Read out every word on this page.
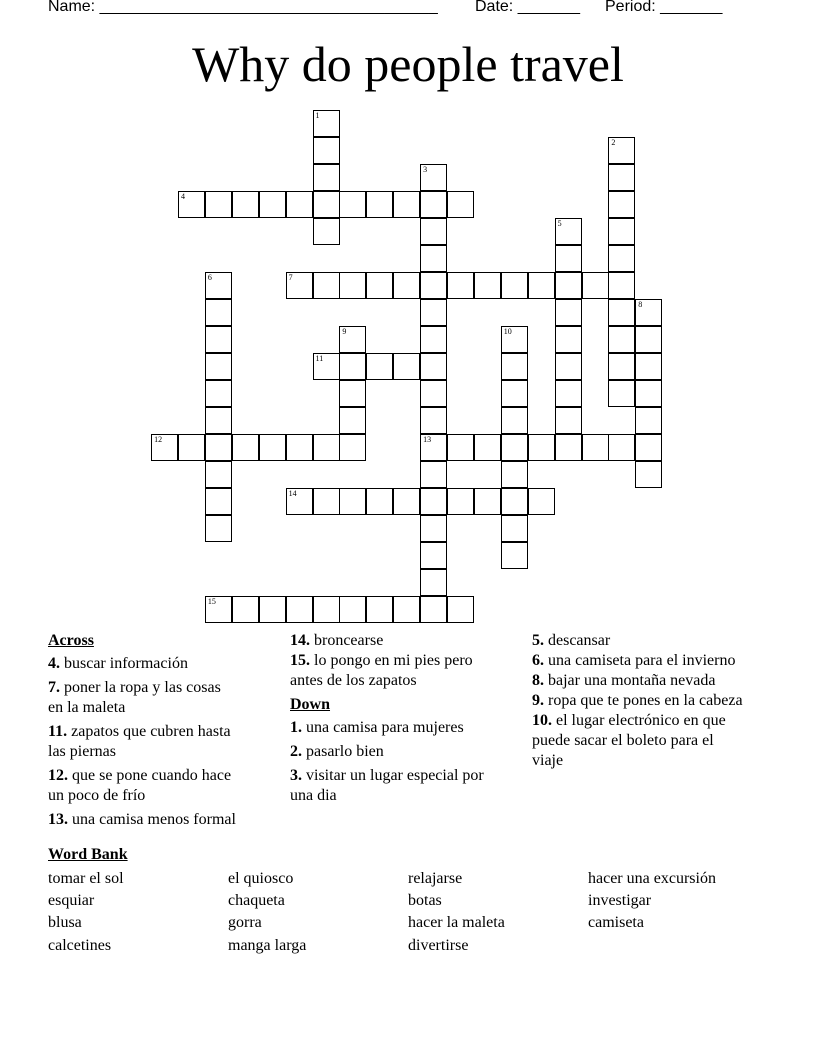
Name: ______________________________________ Date: _______ Period: _______
Why do people travel
1
2
3
13
4
5
6	7
8
9	10
11
12
14
15
Across
4. buscar información
7. poner la ropa y las cosas en la maleta
11. zapatos que cubren hasta las piernas
12. que se pone cuando hace un poco de frío
13. una camisa menos formal
14. broncearse
15. lo pongo en mi pies pero antes de los zapatos
Down
1. una camisa para mujeres
2. pasarlo bien
3. visitar un lugar especial por una dia
5. descansar
6. una camiseta para el invierno
8. bajar una montaña nevada
9. ropa que te pones en la cabeza
10. el lugar electrónico en que puede sacar el boleto para el viaje
Word Bank
tomar el sol	el quiosco	relajarse	hacer una excursión
esquiar	chaqueta	botas	investigar
blusa	gorra	hacer la maleta	camiseta
calcetines	manga larga	divertirse
